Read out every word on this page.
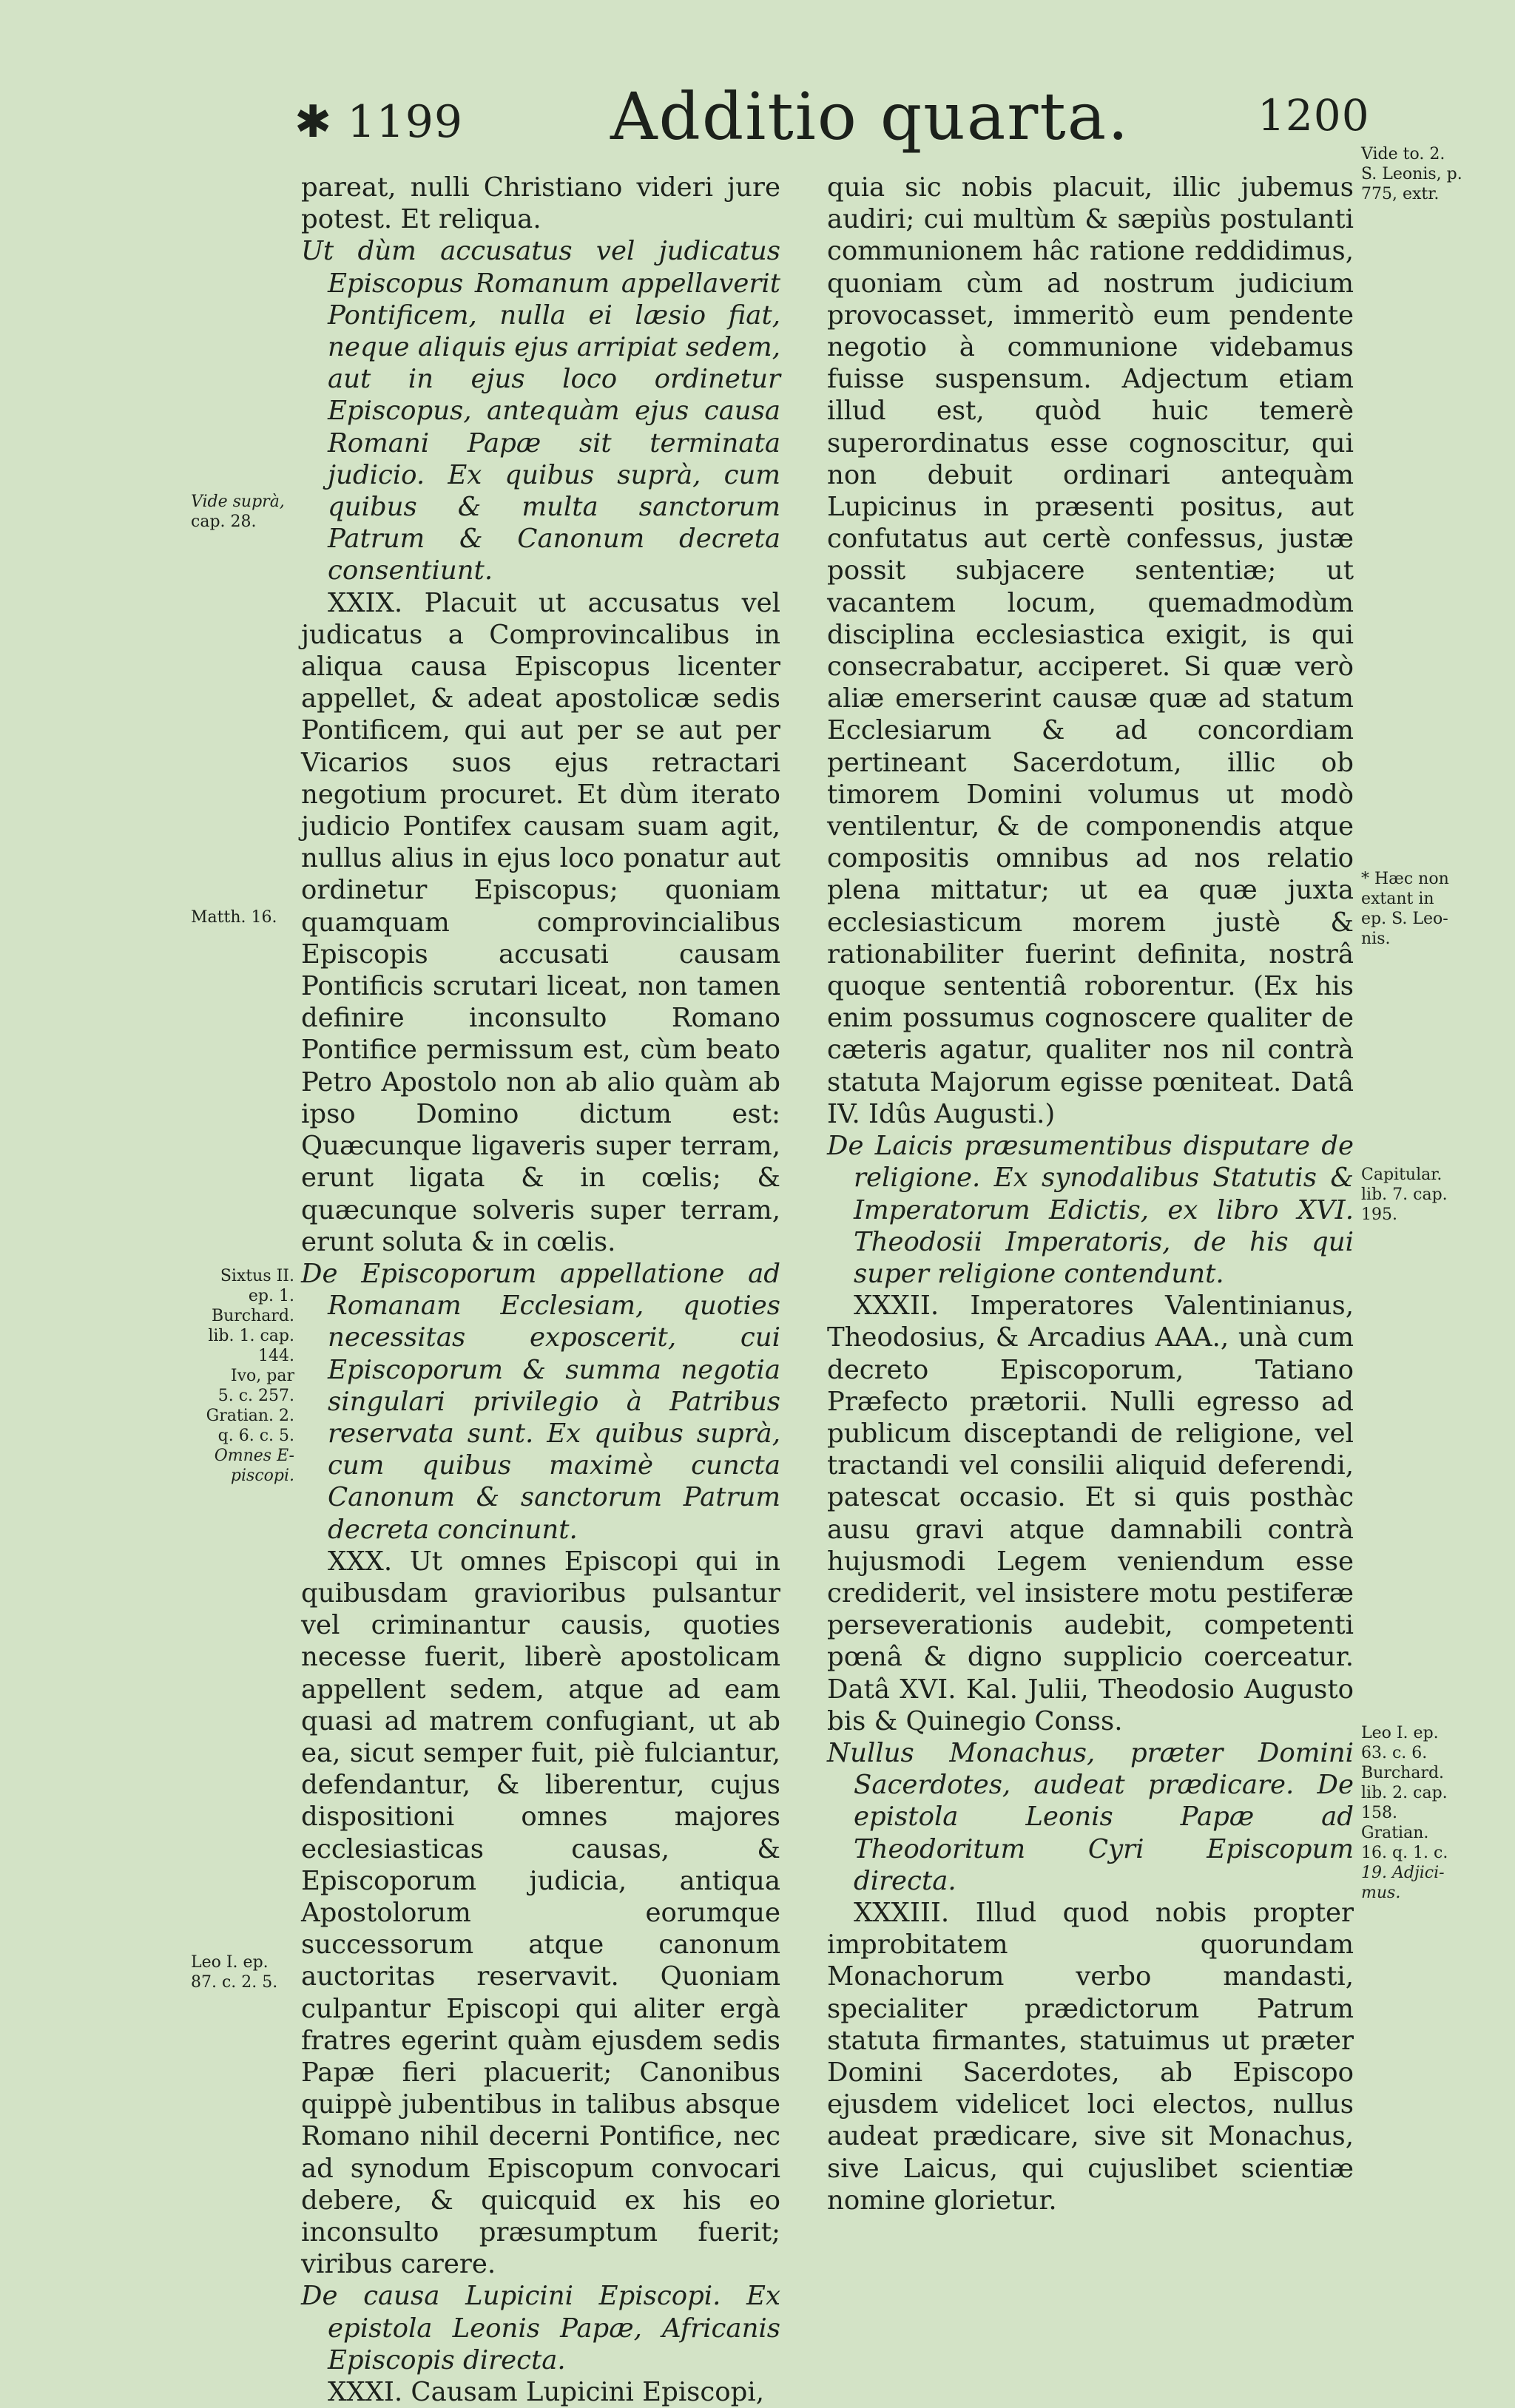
✱ 1199 Additio quarta.	1200

pareat, nulli Christiano videri jure potest. Et reliqua.

Ut dùm accusatus vel judicatus Episcopus Romanum appellaverit Pontificem, nulla ei læsio fiat, neque aliquis ejus arripiat sedem, aut in ejus loco ordinetur Episcopus, antequàm ejus causa Romani Papæ sit terminata judicio. Ex quibus suprà, cum quibus & multa sanctorum Patrum & Canonum decreta consentiunt.

XXIX. Placuit ut accusatus vel judicatus a Comprovincalibus in aliqua causa Episcopus licenter appellet, & adeat apostolicæ sedis Pontificem, qui aut per se aut per Vicarios suos ejus retractari negotium procuret. Et dùm iterato judicio Pontifex causam suam agit, nullus alius in ejus loco ponatur aut ordinetur Episcopus; quoniam quamquam comprovincialibus Episcopis accusati causam Pontificis scrutari liceat, non tamen definire inconsulto Romano Pontifice permissum est, cùm beato Petro Apostolo non ab alio quàm ab ipso Domino dictum est: Quæcunque ligaveris super terram, erunt ligata & in cœlis; & quæcunque solveris super terram, erunt soluta & in cœlis.

De Episcoporum appellatione ad Romanam Ecclesiam, quoties necessitas exposcerit, cui Episcoporum & summa negotia singulari privilegio à Patribus reservata sunt. Ex quibus suprà, cum quibus maximè cuncta Canonum & sanctorum Patrum decreta concinunt.

XXX. Ut omnes Episcopi qui in quibusdam gravioribus pulsantur vel criminantur causis, quoties necesse fuerit, liberè apostolicam appellent sedem, atque ad eam quasi ad matrem confugiant, ut ab ea, sicut semper fuit, piè fulciantur, defendantur, & liberentur, cujus dispositioni omnes majores ecclesiasticas causas, & Episcoporum judicia, antiqua Apostolorum eorumque successorum atque canonum auctoritas reservavit. Quoniam culpantur Episcopi qui aliter ergà fratres egerint quàm ejusdem sedis Papæ fieri placuerit; Canonibus quippè jubentibus in talibus absque Romano nihil decerni Pontifice, nec ad synodum Episcopum convocari debere, & quicquid ex his eo inconsulto præsumptum fuerit; viribus carere.

De causa Lupicini Episcopi. Ex epistola Leonis Papæ, Africanis Episcopis directa.

XXXI. Causam Lupicini Episcopi,

quia sic nobis placuit, illic jubemus audiri; cui multùm & sæpiùs postulanti communionem hâc ratione reddidimus, quoniam cùm ad nostrum judicium provocasset, immeritò eum pendente negotio à communione videbamus fuisse suspensum. Adjectum etiam illud est, quòd huic temerè superordinatus esse cognoscitur, qui non debuit ordinari antequàm Lupicinus in præsenti positus, aut confutatus aut certè confessus, justæ possit subjacere sententiæ; ut vacantem locum, quemadmodùm disciplina ecclesiastica exigit, is qui consecrabatur, acciperet. Si quæ verò aliæ emerserint causæ quæ ad statum Ecclesiarum & ad concordiam pertineant Sacerdotum, illic ob timorem Domini volumus ut modò ventilentur, & de componendis atque compositis omnibus ad nos relatio plena mittatur; ut ea quæ juxta ecclesiasticum morem justè & rationabiliter fuerint definita, nostrâ quoque sententiâ roborentur. (Ex his enim possumus cognoscere qualiter de cæteris agatur, qualiter nos nil contrà statuta Majorum egisse pœniteat. Datâ IV. Idûs Augusti.)

De Laicis præsumentibus disputare de religione. Ex synodalibus Statutis & Imperatorum Edictis, ex libro XVI. Theodosii Imperatoris, de his qui super religione contendunt.

XXXII. Imperatores Valentinianus, Theodosius, & Arcadius AAA., unà cum decreto Episcoporum, Tatiano Præfecto prætorii. Nulli egresso ad publicum disceptandi de religione, vel tractandi vel consilii aliquid deferendi, patescat occasio. Et si quis posthàc ausu gravi atque damnabili contrà hujusmodi Legem veniendum esse crediderit, vel insistere motu pestiferæ perseverationis audebit, competenti pœnâ & digno supplicio coerceatur. Datâ XVI. Kal. Julii, Theodosio Augusto bis & Quinegio Conss.

Nullus Monachus, præter Domini Sacerdotes, audeat prædicare. De epistola Leonis Papæ ad Theodoritum Cyri Episcopum directa.

XXXIII. Illud quod nobis propter improbitatem quorundam Monachorum verbo mandasti, specialiter prædictorum Patrum statuta firmantes, statuimus ut præter Domini Sacerdotes, ab Episcopo ejusdem videlicet loci electos, nullus audeat prædicare, sive sit Monachus, sive Laicus, qui cujuslibet scientiæ nomine glorietur.

Vide suprà,
cap. 28.
Matth. 16.
Sixtus II.
ep. 1.
Burchard.
lib. 1. cap.
144.
Ivo, par
5. c. 257.
Gratian. 2.
q. 6. c. 5.
Omnes E-
piscopi.
Leo I. ep.
87. c. 2. 5.
Vide to. 2.
S. Leonis, p.
775, extr.
* Hæc non
extant in
ep. S. Leo-
nis.
Capitular.
lib. 7. cap.
195.
Leo I. ep.
63. c. 6.
Burchard.
lib. 2. cap.
158.
Gratian.
16. q. 1. c.
19. Adjici-
mus.
